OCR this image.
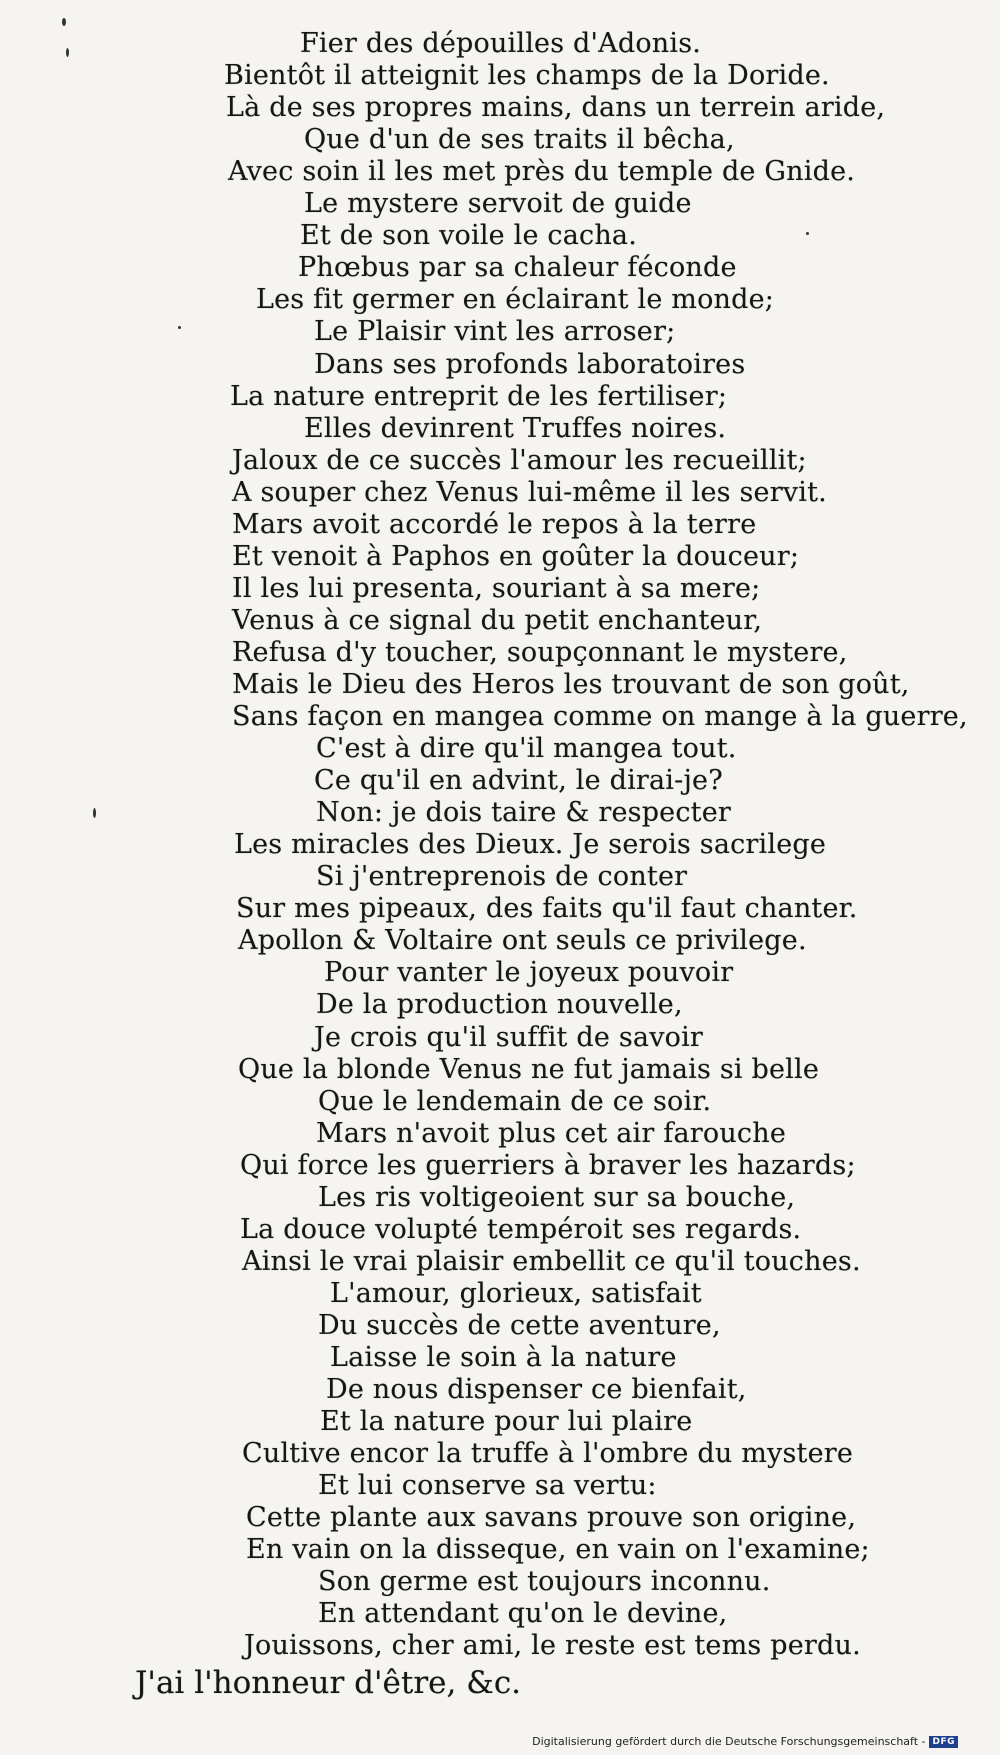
Fier des dépouilles d'Adonis.
Bientôt il atteignit les champs de la Doride.
Là de ses propres mains, dans un terrein aride,
Que d'un de ses traits il bêcha,
Avec soin il les met près du temple de Gnide.
Le mystere servoit de guide
Et de son voile le cacha.
Phœbus par sa chaleur féconde
Les fit germer en éclairant le monde;
Le Plaisir vint les arroser;
Dans ses profonds laboratoires
La nature entreprit de les fertiliser;
Elles devinrent Truffes noires.
Jaloux de ce succès l'amour les recueillit;
A souper chez Venus lui-même il les servit.
Mars avoit accordé le repos à la terre
Et venoit à Paphos en goûter la douceur;
Il les lui presenta, souriant à sa mere;
Venus à ce signal du petit enchanteur,
Refusa d'y toucher, soupçonnant le mystere,
Mais le Dieu des Heros les trouvant de son goût,
Sans façon en mangea comme on mange à la guerre,
C'est à dire qu'il mangea tout.
Ce qu'il en advint, le dirai-je?
Non: je dois taire & respecter
Les miracles des Dieux. Je serois sacrilege
Si j'entreprenois de conter
Sur mes pipeaux, des faits qu'il faut chanter.
Apollon & Voltaire ont seuls ce privilege.
Pour vanter le joyeux pouvoir
De la production nouvelle,
Je crois qu'il suffit de savoir
Que la blonde Venus ne fut jamais si belle
Que le lendemain de ce soir.
Mars n'avoit plus cet air farouche
Qui force les guerriers à braver les hazards;
Les ris voltigeoient sur sa bouche,
La douce volupté tempéroit ses regards.
Ainsi le vrai plaisir embellit ce qu'il touches.
L'amour, glorieux, satisfait
Du succès de cette aventure,
Laisse le soin à la nature
De nous dispenser ce bienfait,
Et la nature pour lui plaire
Cultive encor la truffe à l'ombre du mystere
Et lui conserve sa vertu:
Cette plante aux savans prouve son origine,
En vain on la disseque, en vain on l'examine;
Son germe est toujours inconnu.
En attendant qu'on le devine,
Jouissons, cher ami, le reste est tems perdu.
J'ai l'honneur d'être, &c.
Digitalisierung gefördert durch die Deutsche Forschungsgemeinschaft - DFG
